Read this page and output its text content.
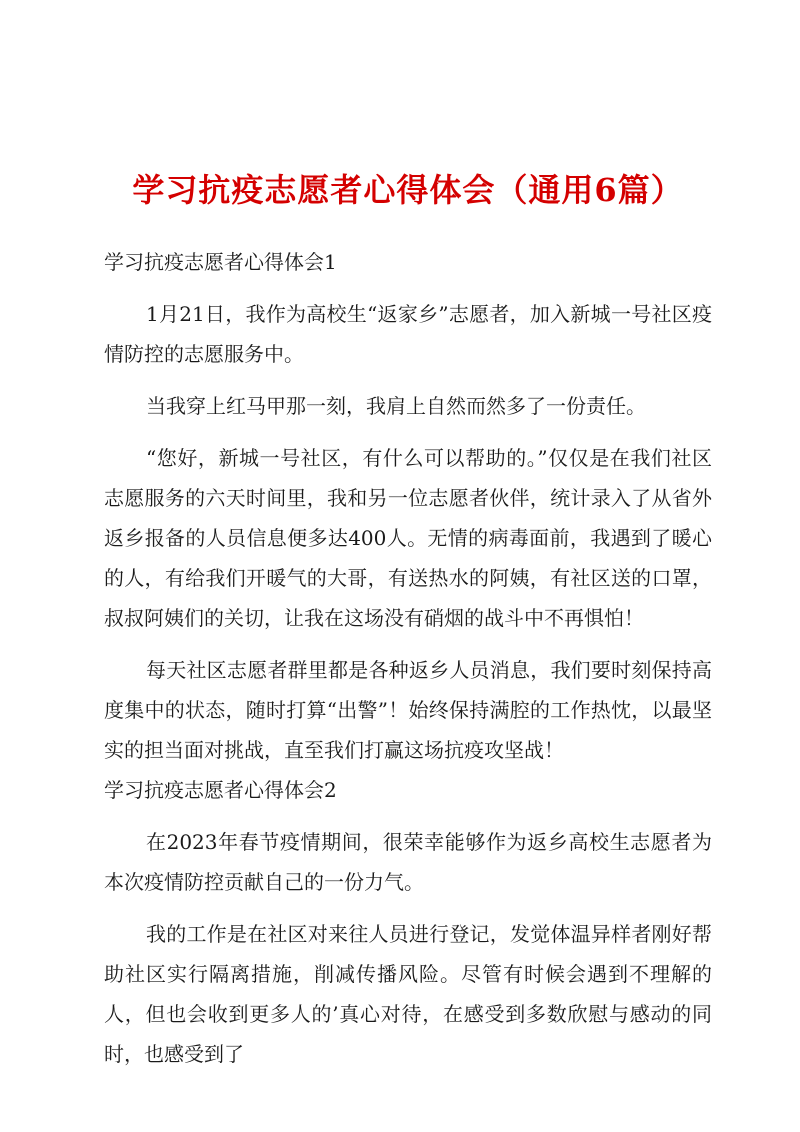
学习抗疫志愿者心得体会（通用6篇）

学习抗疫志愿者心得体会1

1月21日，我作为高校生“返家乡”志愿者，加入新城一号社区疫情防控的志愿服务中。

当我穿上红马甲那一刻，我肩上自然而然多了一份责任。

“您好，新城一号社区，有什么可以帮助的。”仅仅是在我们社区志愿服务的六天时间里，我和另一位志愿者伙伴，统计录入了从省外返乡报备的人员信息便多达400人。无情的病毒面前，我遇到了暖心的人，有给我们开暖气的大哥，有送热水的阿姨，有社区送的口罩，叔叔阿姨们的关切，让我在这场没有硝烟的战斗中不再惧怕！

每天社区志愿者群里都是各种返乡人员消息，我们要时刻保持高度集中的状态，随时打算“出警”！始终保持满腔的工作热忱，以最坚实的担当面对挑战，直至我们打赢这场抗疫攻坚战！

学习抗疫志愿者心得体会2

在2023年春节疫情期间，很荣幸能够作为返乡高校生志愿者为本次疫情防控贡献自己的一份力气。

我的工作是在社区对来往人员进行登记，发觉体温异样者刚好帮助社区实行隔离措施，削减传播风险。尽管有时候会遇到不理解的人，但也会收到更多人的’真心对待，在感受到多数欣慰与感动的同时，也感受到了
